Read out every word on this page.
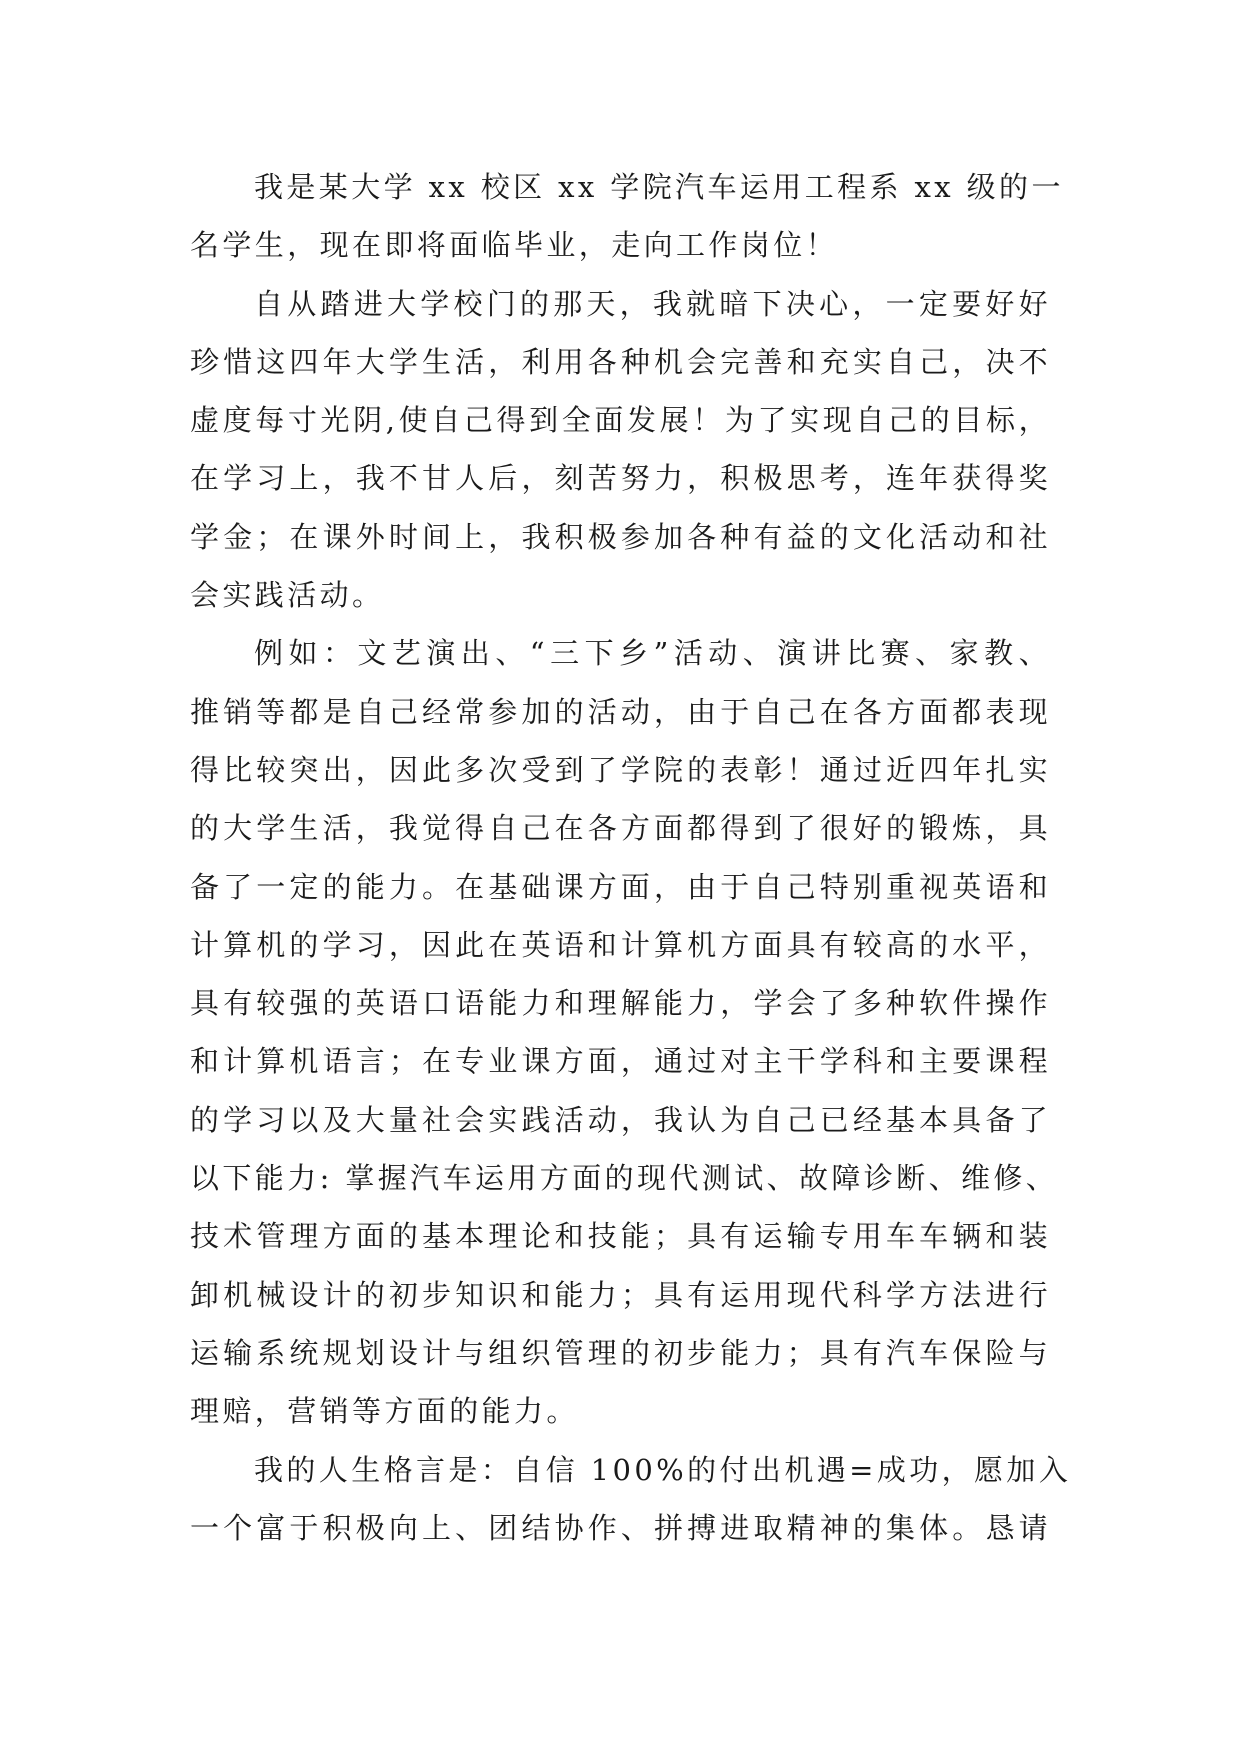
我是某大学 xx 校区 xx 学院汽车运用工程系 xx 级的一
名学生，现在即将面临毕业，走向工作岗位！

自从踏进大学校门的那天，我就暗下决心，一定要好好
珍惜这四年大学生活，利用各种机会完善和充实自己，决不
虚度每寸光阴,使自己得到全面发展！为了实现自己的目标，
在学习上，我不甘人后，刻苦努力，积极思考，连年获得奖
学金；在课外时间上，我积极参加各种有益的文化活动和社
会实践活动。

例如：文艺演出、“三下乡”活动、演讲比赛、家教、
推销等都是自己经常参加的活动，由于自己在各方面都表现
得比较突出，因此多次受到了学院的表彰！通过近四年扎实
的大学生活，我觉得自己在各方面都得到了很好的锻炼，具
备了一定的能力。在基础课方面，由于自己特别重视英语和
计算机的学习，因此在英语和计算机方面具有较高的水平，
具有较强的英语口语能力和理解能力，学会了多种软件操作
和计算机语言；在专业课方面，通过对主干学科和主要课程
的学习以及大量社会实践活动，我认为自己已经基本具备了
以下能力: 掌握汽车运用方面的现代测试、故障诊断、维修、
技术管理方面的基本理论和技能；具有运输专用车车辆和装
卸机械设计的初步知识和能力；具有运用现代科学方法进行
运输系统规划设计与组织管理的初步能力；具有汽车保险与
理赔，营销等方面的能力。

我的人生格言是：自信 100%的付出机遇=成功，愿加入
一个富于积极向上、团结协作、拼搏进取精神的集体。恳请
